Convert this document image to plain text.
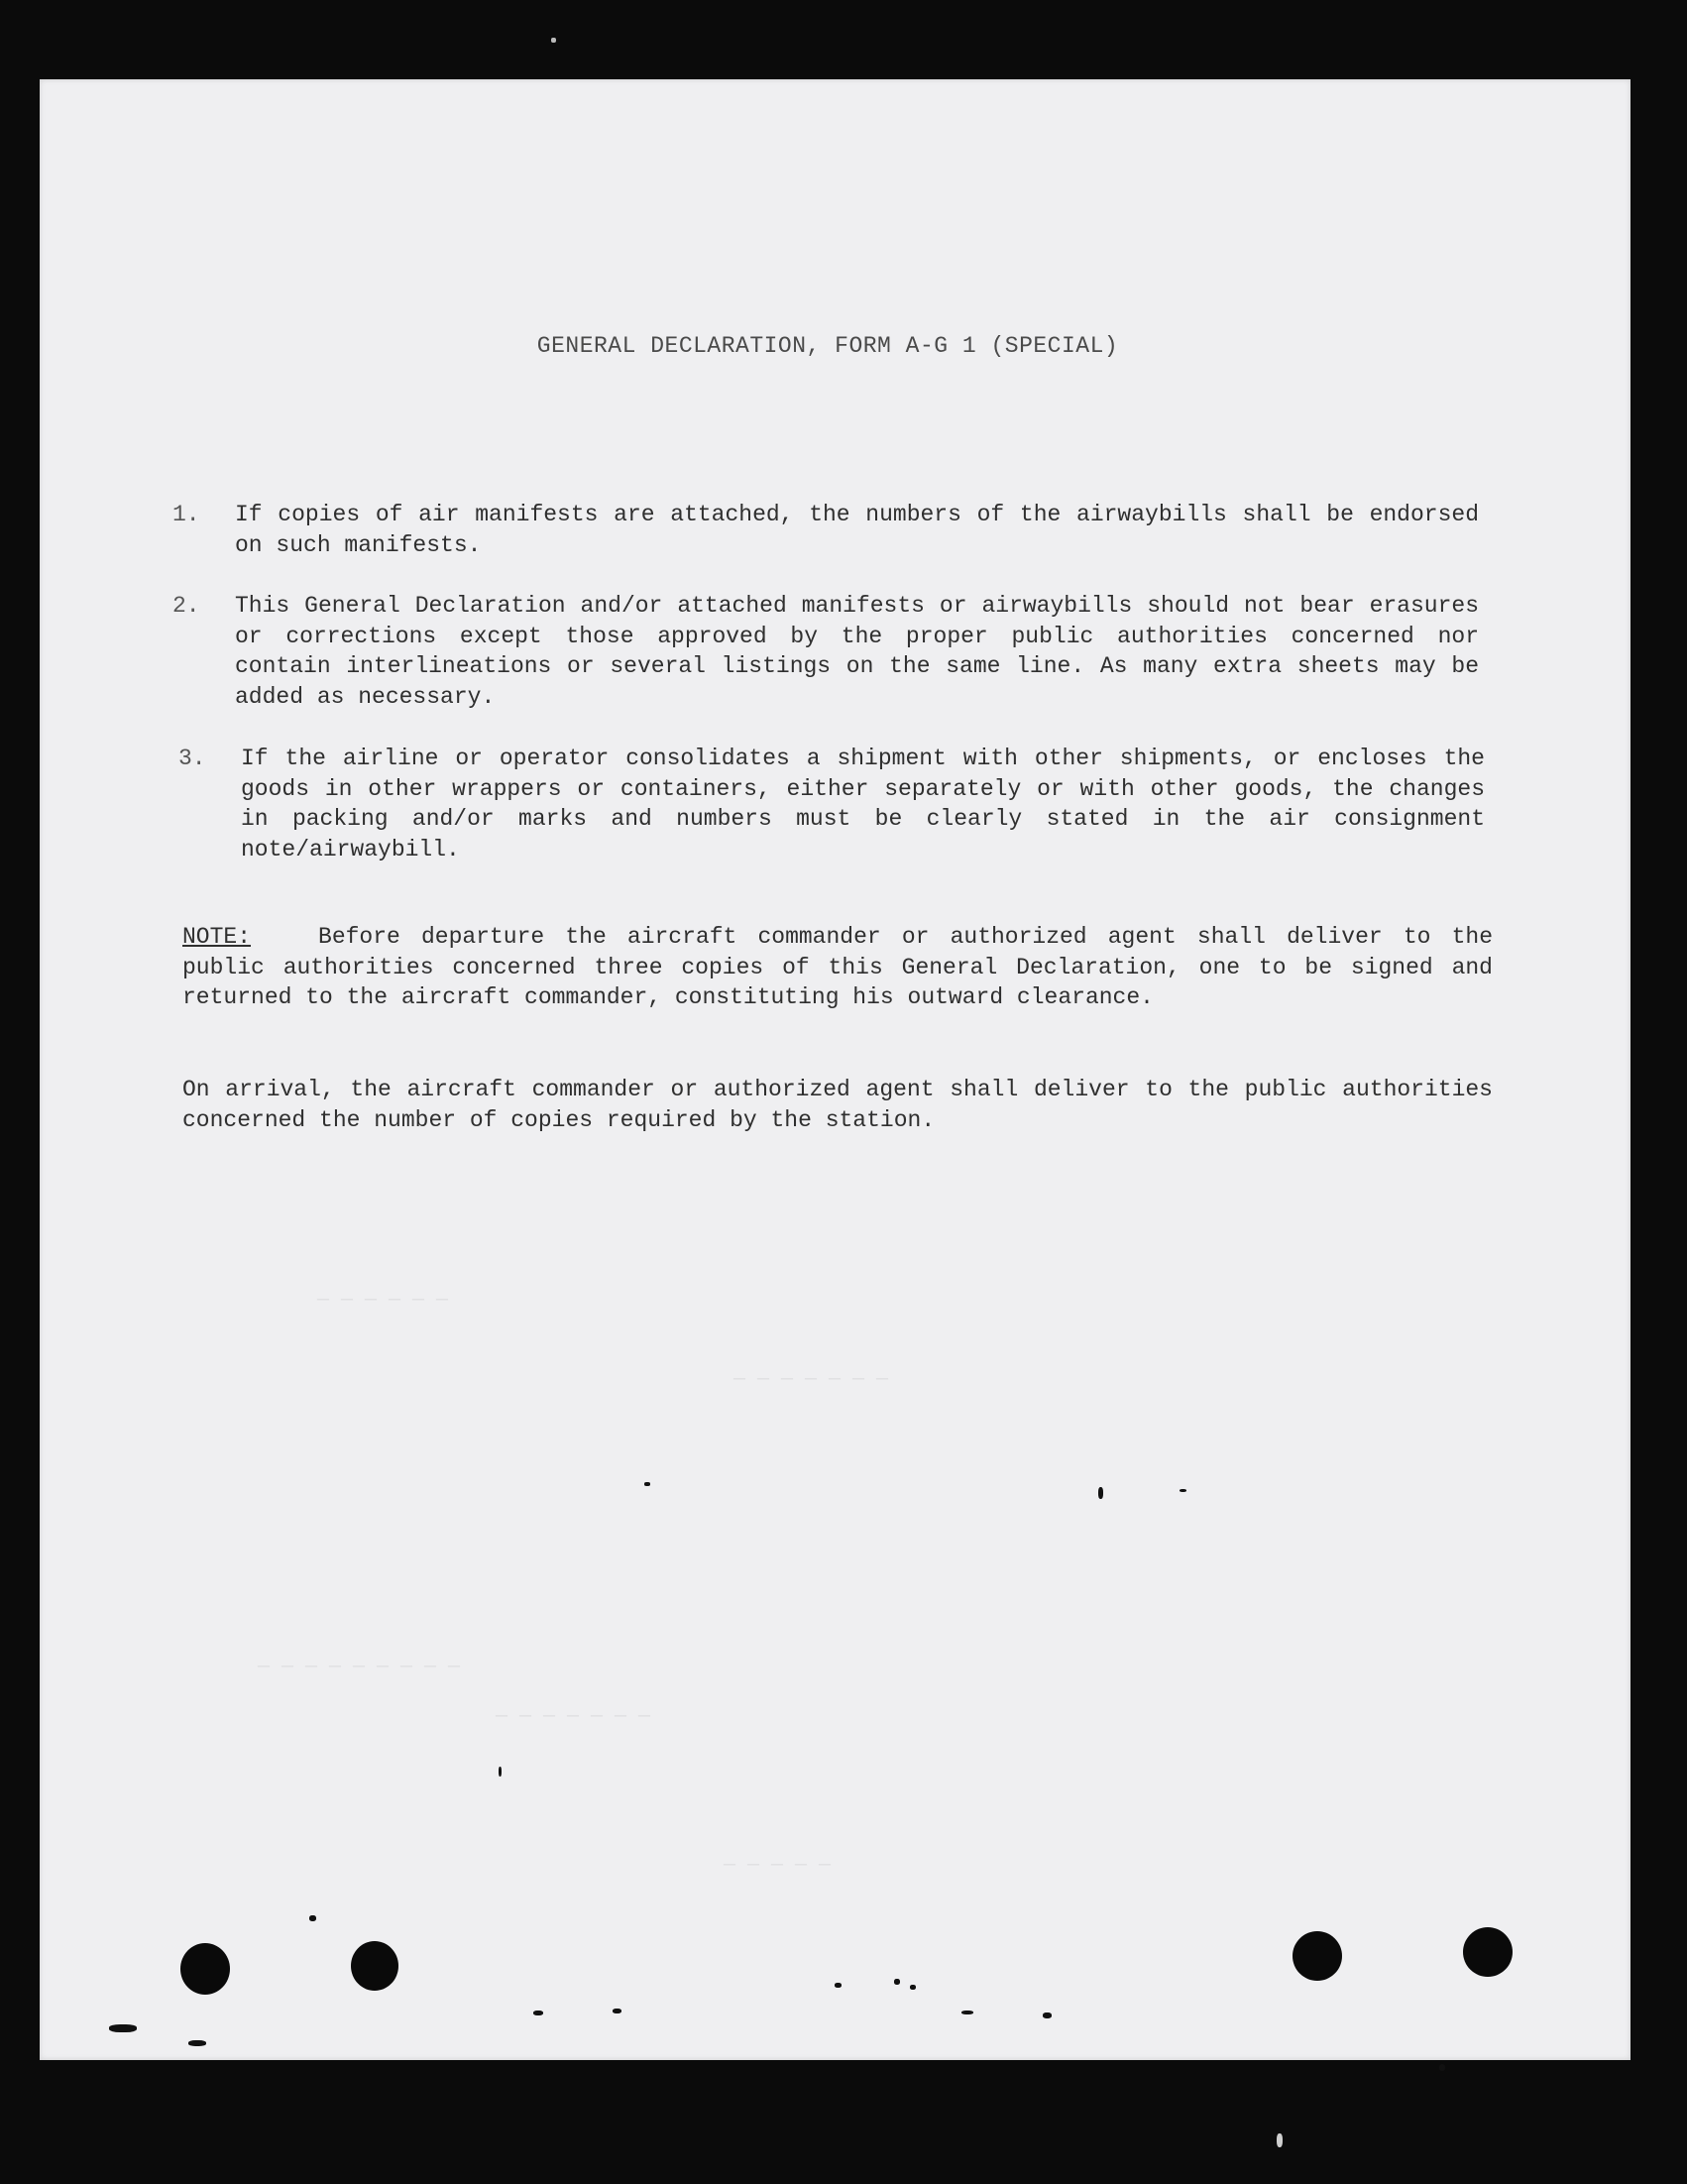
GENERAL DECLARATION, FORM A-G 1 (SPECIAL)
1.	If copies of air manifests are attached, the numbers of the airwaybills shall be endorsed on such manifests.
2.	This General Declaration and/or attached manifests or airwaybills should not bear erasures or corrections except those approved by the proper public authorities concerned nor contain interlineations or several listings on the same line. As many extra sheets may be added as necessary.
3.	If the airline or operator consolidates a shipment with other shipments, or encloses the goods in other wrappers or containers, either separately or with other goods, the changes in packing and/or marks and numbers must be clearly stated in the air consignment note/airwaybill.
NOTE:	Before departure the aircraft commander or authorized agent shall deliver to the public authorities concerned three copies of this General Declaration, one to be signed and returned to the aircraft commander, constituting his outward clearance.
On arrival, the aircraft commander or authorized agent shall deliver to the public authorities concerned the number of copies required by the station.
— — — — — —
— — — — — — —
— — — — — — — — —
— — — — — — —
— — — — —
